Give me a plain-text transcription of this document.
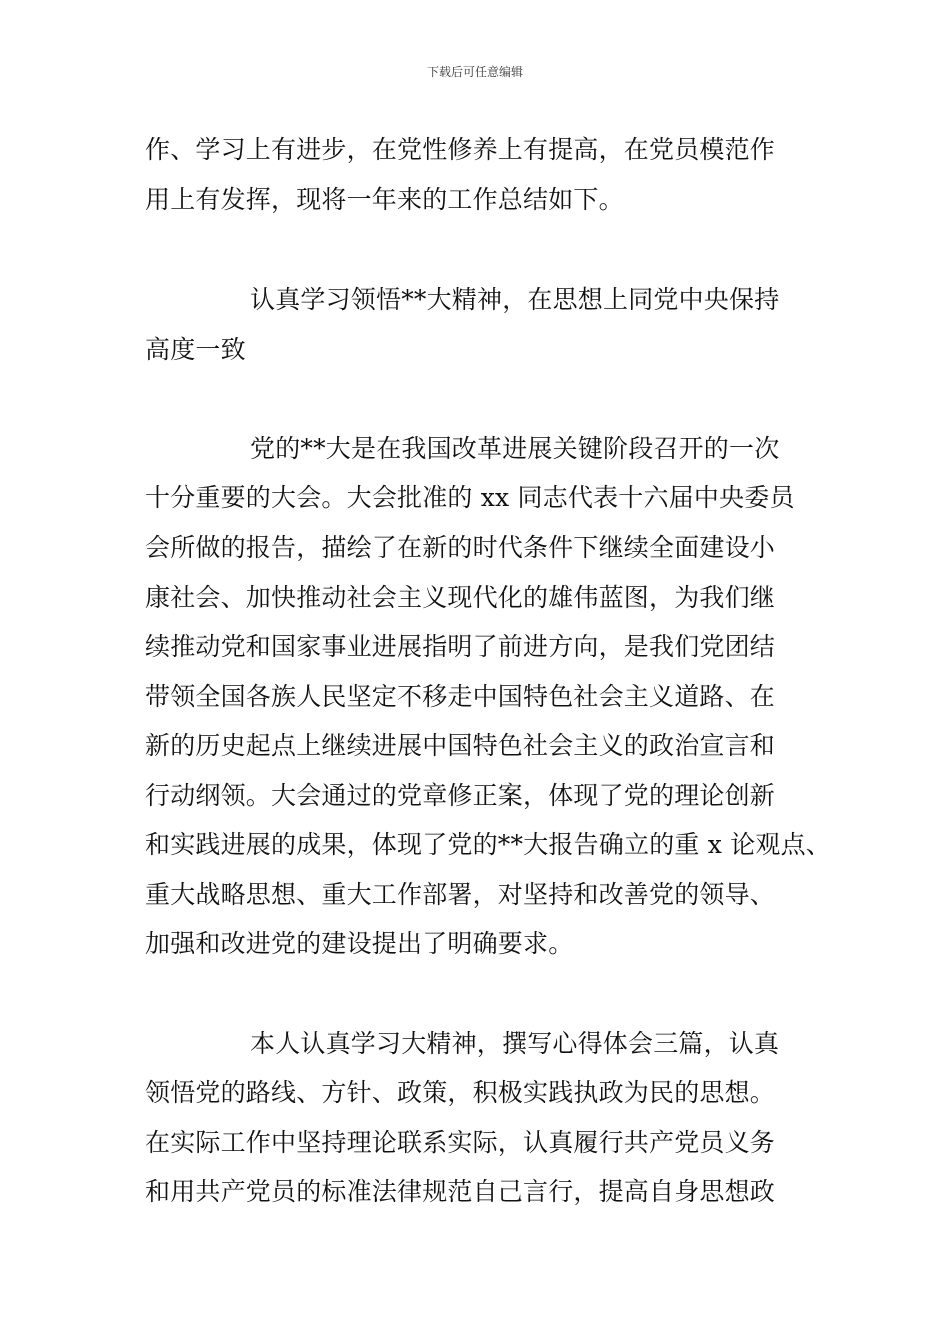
下载后可任意编辑
作、学习上有进步，在党性修养上有提高，在党员模范作
用上有发挥，现将一年来的工作总结如下。
认真学习领悟**大精神，在思想上同党中央保持
高度一致
党的**大是在我国改革进展关键阶段召开的一次
十分重要的大会。大会批准的 xx 同志代表十六届中央委员
会所做的报告，描绘了在新的时代条件下继续全面建设小
康社会、加快推动社会主义现代化的雄伟蓝图，为我们继
续推动党和国家事业进展指明了前进方向，是我们党团结
带领全国各族人民坚定不移走中国特色社会主义道路、在
新的历史起点上继续进展中国特色社会主义的政治宣言和
行动纲领。大会通过的党章修正案，体现了党的理论创新
和实践进展的成果，体现了党的**大报告确立的重 x 论观点、
重大战略思想、重大工作部署，对坚持和改善党的领导、
加强和改进党的建设提出了明确要求。
本人认真学习大精神，撰写心得体会三篇，认真
领悟党的路线、方针、政策，积极实践执政为民的思想。
在实际工作中坚持理论联系实际，认真履行共产党员义务
和用共产党员的标准法律规范自己言行，提高自身思想政
